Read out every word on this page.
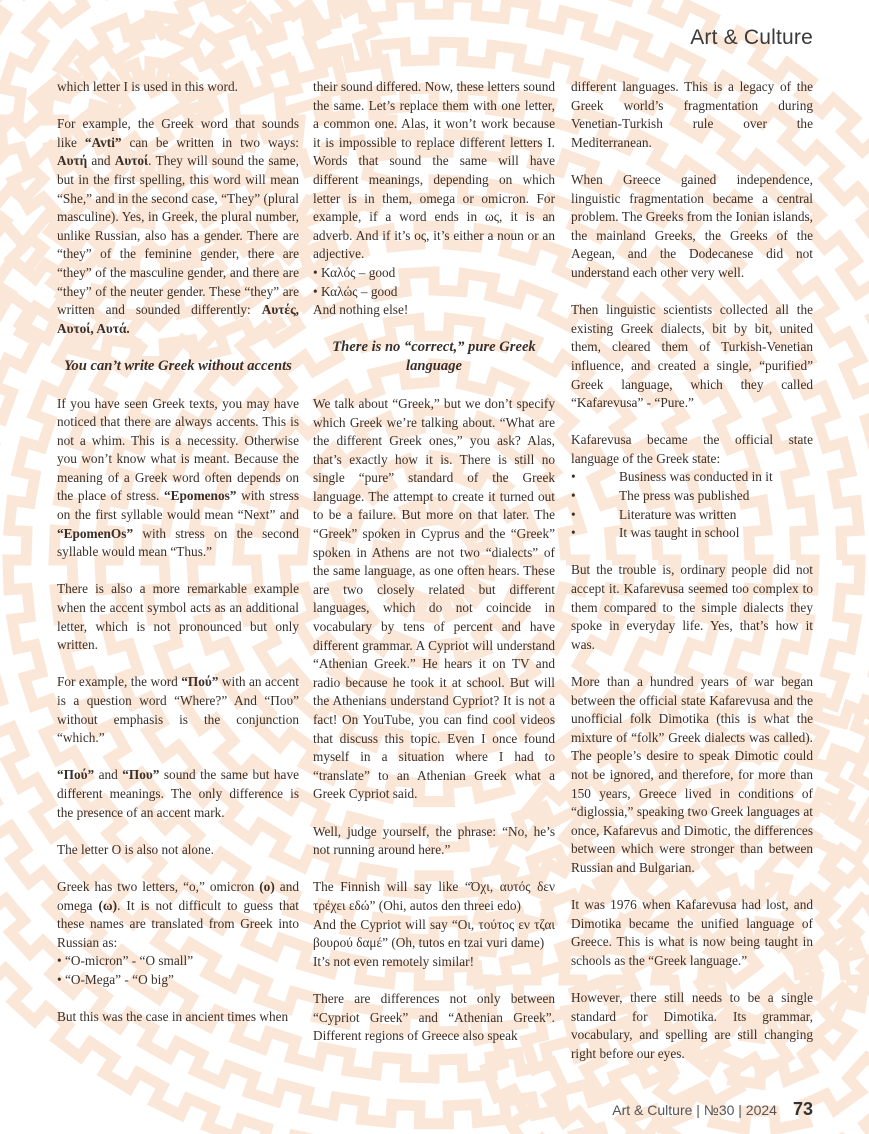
Art & Culture

which letter I is used in this word.

For example, the Greek word that sounds like “Avti” can be written in two ways: Αυτή and Αυτοί. They will sound the same, but in the first spelling, this word will mean “She,” and in the second case, “They” (plural masculine). Yes, in Greek, the plural number, unlike Russian, also has a gender. There are “they” of the feminine gender, there are “they” of the masculine gender, and there are “they” of the neuter gender. These “they” are written and sounded differently: Αυτές, Αυτοί, Αυτά.

You can’t write Greek without accents

If you have seen Greek texts, you may have noticed that there are always accents. This is not a whim. This is a necessity. Otherwise you won’t know what is meant. Because the meaning of a Greek word often depends on the place of stress. “Epomenos” with stress on the first syllable would mean “Next” and “EpomenOs” with stress on the second syllable would mean “Thus.”

There is also a more remarkable example when the accent symbol acts as an additional letter, which is not pronounced but only written.

For example, the word “Πού” with an accent is a question word “Where?” And “Που” without emphasis is the conjunction “which.”

“Πού” and “Που” sound the same but have different meanings. The only difference is the presence of an accent mark.

The letter O is also not alone.

Greek has two letters, “o,” omicron (ο) and omega (ω). It is not difficult to guess that these names are translated from Greek into Russian as:

• “O-micron” - “O small”
• “O-Mega” - “O big”

But this was the case in ancient times when

their sound differed. Now, these letters sound the same. Let’s replace them with one letter, a common one. Alas, it won’t work because it is impossible to replace different letters I. Words that sound the same will have different meanings, depending on which letter is in them, omega or omicron. For example, if a word ends in ως, it is an adverb. And if it’s ος, it’s either a noun or an adjective.

• Καλός – good
• Καλώς – good

And nothing else!

There is no “correct,” pure Greek language

We talk about “Greek,” but we don’t specify which Greek we’re talking about. “What are the different Greek ones,” you ask? Alas, that’s exactly how it is. There is still no single “pure” standard of the Greek language. The attempt to create it turned out to be a failure. But more on that later. The “Greek” spoken in Cyprus and the “Greek” spoken in Athens are not two “dialects” of the same language, as one often hears. These are two closely related but different languages, which do not coincide in vocabulary by tens of percent and have different grammar. A Cypriot will understand “Athenian Greek.” He hears it on TV and radio because he took it at school. But will the Athenians understand Cypriot? It is not a fact! On YouTube, you can find cool videos that discuss this topic. Even I once found myself in a situation where I had to “translate” to an Athenian Greek what a Greek Cypriot said.

Well, judge yourself, the phrase: “No, he’s not running around here.”

The Finnish will say like “Όχι, αυτός δεν τρέχει εδώ” (Ohi, autos den threei edo)

And the Cypriot will say “Οι, τούτος εν τζαι βουρού δαμέ” (Oh, tutos en tzai vuri dame)

It’s not even remotely similar!

There are differences not only between “Cypriot Greek” and “Athenian Greek”. Different regions of Greece also speak

different languages. This is a legacy of the Greek world’s fragmentation during Venetian-Turkish rule over the Mediterranean.

When Greece gained independence, linguistic fragmentation became a central problem. The Greeks from the Ionian islands, the mainland Greeks, the Greeks of the Aegean, and the Dodecanese did not understand each other very well.

Then linguistic scientists collected all the existing Greek dialects, bit by bit, united them, cleared them of Turkish-Venetian influence, and created a single, “purified” Greek language, which they called “Kafarevusa” - “Pure.”

Kafarevusa became the official state language of the Greek state:

•	Business was conducted in it
•	The press was published
•	Literature was written
•	It was taught in school

But the trouble is, ordinary people did not accept it. Kafarevusa seemed too complex to them compared to the simple dialects they spoke in everyday life. Yes, that’s how it was.

More than a hundred years of war began between the official state Kafarevusa and the unofficial folk Dimotika (this is what the mixture of “folk” Greek dialects was called). The people’s desire to speak Dimotic could not be ignored, and therefore, for more than 150 years, Greece lived in conditions of “diglossia,” speaking two Greek languages at once, Kafarevus and Dimotic, the differences between which were stronger than between Russian and Bulgarian.

It was 1976 when Kafarevusa had lost, and Dimotika became the unified language of Greece. This is what is now being taught in schools as the “Greek language.”

However, there still needs to be a single standard for Dimotika. Its grammar, vocabulary, and spelling are still changing right before our eyes.

Art & Culture | №30 | 2024 73
